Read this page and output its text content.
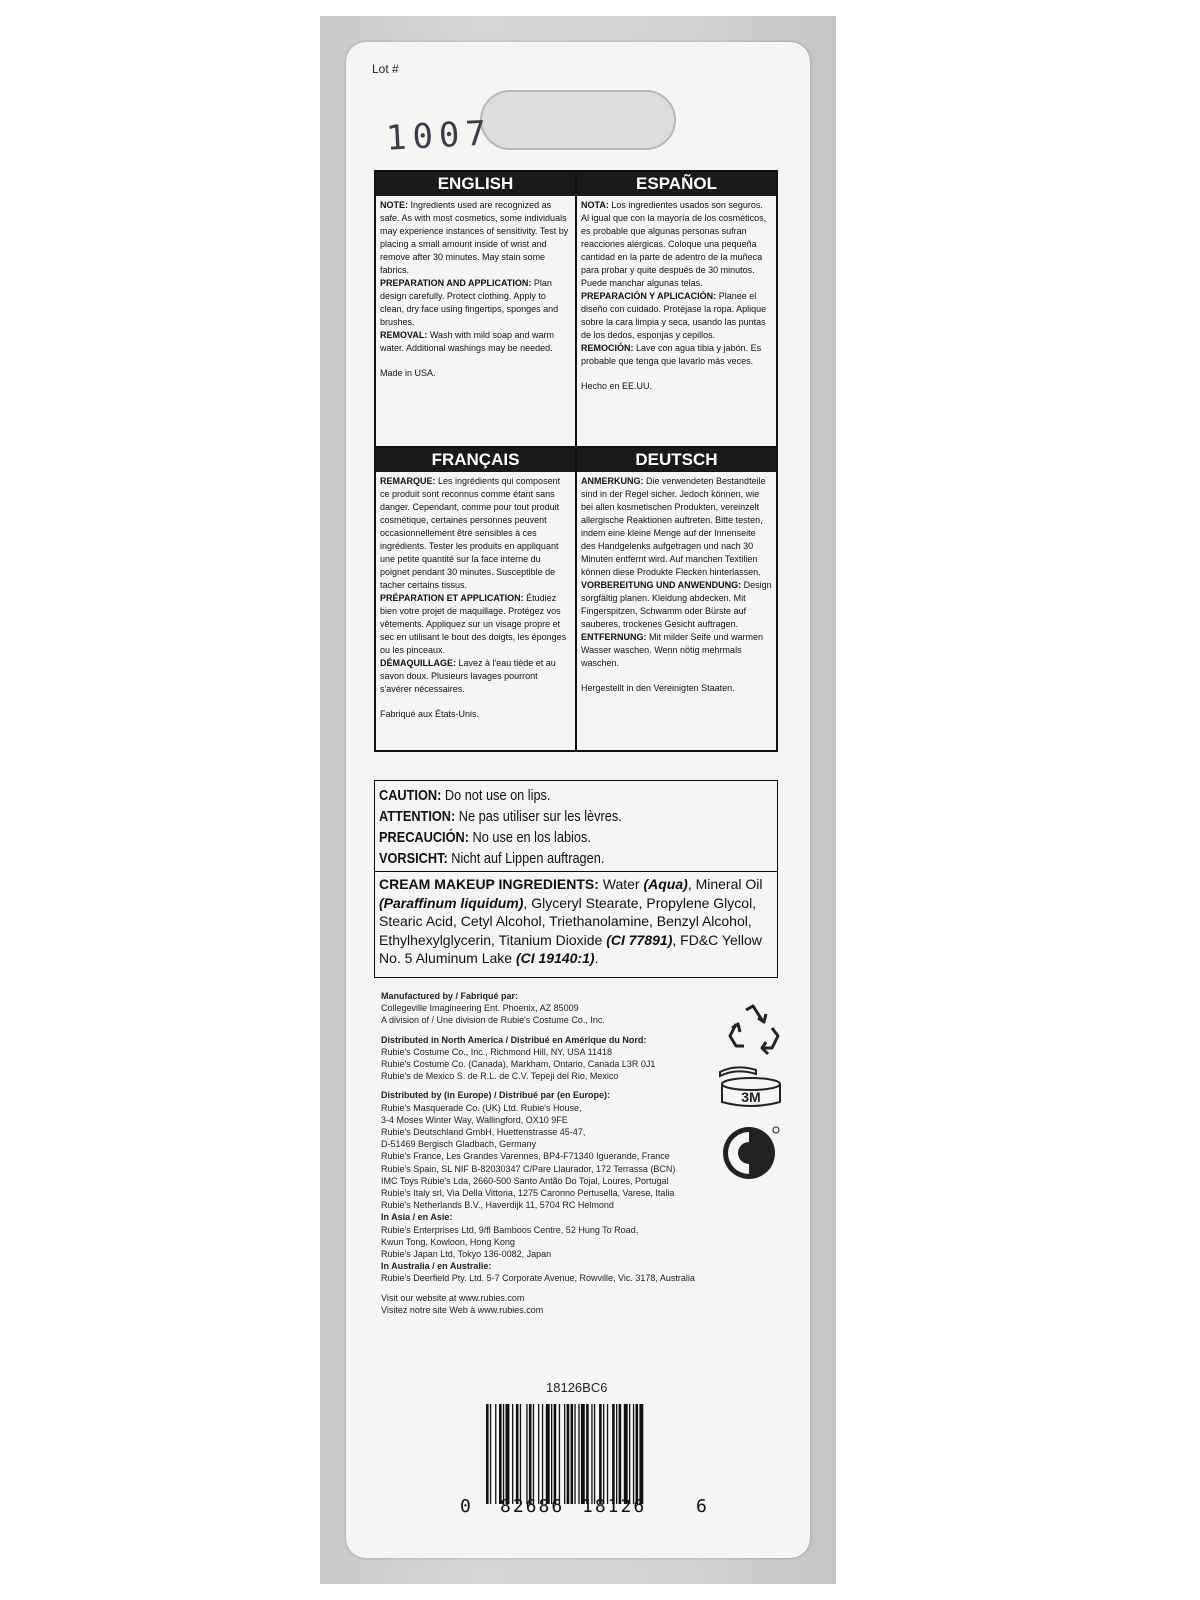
Lot #
1007
ENGLISH

NOTE: Ingredients used are recognized as safe. As with most cosmetics, some individuals may experience instances of sensitivity. Test by placing a small amount inside of wrist and remove after 30 minutes. May stain some fabrics.

PREPARATION AND APPLICATION: Plan design carefully. Protect clothing. Apply to clean, dry face using fingertips, sponges and brushes.

REMOVAL: Wash with mild soap and warm water. Additional washings may be needed.

Made in USA.

ESPAÑOL

NOTA: Los ingredientes usados son seguros. Al igual que con la mayoría de los cosméticos, es probable que algunas personas sufran reacciones alérgicas. Coloque una pequeña cantidad en la parte de adentro de la muñeca para probar y quite después de 30 minutos. Puede manchar algunas telas.

PREPARACIÓN Y APLICACIÓN: Planee el diseño con cuidado. Protéjase la ropa. Aplique sobre la cara limpia y seca, usando las puntas de los dedos, esponjas y cepillos.

REMOCIÓN: Lave con agua tibia y jabón. Es probable que tenga que lavarlo más veces.

Hecho en EE.UU.

FRANÇAIS

REMARQUE: Les ingrédients qui composent ce produit sont reconnus comme étant sans danger. Cependant, comme pour tout produit cosmétique, certaines personnes peuvent occasionnellement être sensibles à ces ingrédients. Tester les produits en appliquant une petite quantité sur la face interne du poignet pendant 30 minutes. Susceptible de tacher certains tissus.

PRÉPARATION ET APPLICATION: Étudiez bien votre projet de maquillage. Protégez vos vêtements. Appliquez sur un visage propre et sec en utilisant le bout des doigts, les éponges ou les pinceaux.

DÉMAQUILLAGE: Lavez à l'eau tiède et au savon doux. Plusieurs lavages pourront s'avérer nécessaires.

Fabriqué aux États-Unis.

DEUTSCH

ANMERKUNG: Die verwendeten Bestandteile sind in der Regel sicher. Jedoch können, wie bei allen kosmetischen Produkten, vereinzelt allergische Reaktionen auftreten. Bitte testen, indem eine kleine Menge auf der Innenseite des Handgelenks aufgetragen und nach 30 Minuten entfernt wird. Auf manchen Textilien können diese Produkte Flecken hinterlassen.

VORBEREITUNG UND ANWENDUNG: Design sorgfältig planen. Kleidung abdecken. Mit Fingerspitzen, Schwamm oder Bürste auf sauberes, trockenes Gesicht auftragen.

ENTFERNUNG: Mit milder Seife und warmen Wasser waschen. Wenn nötig mehrmals waschen.

Hergestellt in den Vereinigten Staaten.

CAUTION: Do not use on lips.
ATTENTION: Ne pas utiliser sur les lèvres.
PRECAUCIÓN: No use en los labios.
VORSICHT: Nicht auf Lippen auftragen.
CREAM MAKEUP INGREDIENTS: Water (Aqua), Mineral Oil (Paraffinum liquidum), Glyceryl Stearate, Propylene Glycol, Stearic Acid, Cetyl Alcohol, Triethanolamine, Benzyl Alcohol, Ethylhexylglycerin, Titanium Dioxide (CI 77891), FD&C Yellow No. 5 Aluminum Lake (CI 19140:1).

Manufactured by / Fabriqué par:

Collegeville Imagineering Ent. Phoenix, AZ 85009

A division of / Une division de Rubie's Costume Co., Inc.

Distributed in North America / Distribué en Amérique du Nord:

Rubie's Costume Co., Inc., Richmond Hill, NY, USA 11418

Rubie's Costume Co. (Canada), Markham, Ontario, Canada L3R 0J1

Rubie's de Mexico S. de R.L. de C.V. Tepeji del Rio, Mexico

Distributed by (in Europe) / Distribué par (en Europe):

Rubie's Masquerade Co. (UK) Ltd. Rubie's House,

3-4 Moses Winter Way, Wallingford, OX10 9FE

Rubie's Deutschland GmbH, Huettenstrasse 45-47,

D-51469 Bergisch Gladbach, Germany

Rubie's France, Les Grandes Varennes, BP4-F71340 Iguerande, France

Rubie's Spain, SL NIF B-82030347 C/Pare Llaurador, 172 Terrassa (BCN)

IMC Toys Rubie's Lda, 2660-500 Santo Antão Do Tojal, Loures, Portugal

Rubie's Italy srl, Via Della Vittoria, 1275 Caronno Pertusella, Varese, Italia

Rubie's Netherlands B.V., Haverdijk 11, 5704 RC Helmond

In Asia / en Asie:

Rubie's Enterprises Ltd, 9/fl Bamboos Centre, 52 Hung To Road,

Kwun Tong, Kowloon, Hong Kong

Rubie's Japan Ltd, Tokyo 136-0082, Japan

In Australia / en Australie:

Rubie's Deerfield Pty. Ltd. 5-7 Corporate Avenue, Rowville, Vic. 3178, Australia

Visit our website at www.rubies.com

Visitez notre site Web à www.rubies.com

3M
18126BC6
0 82686 18126	6
